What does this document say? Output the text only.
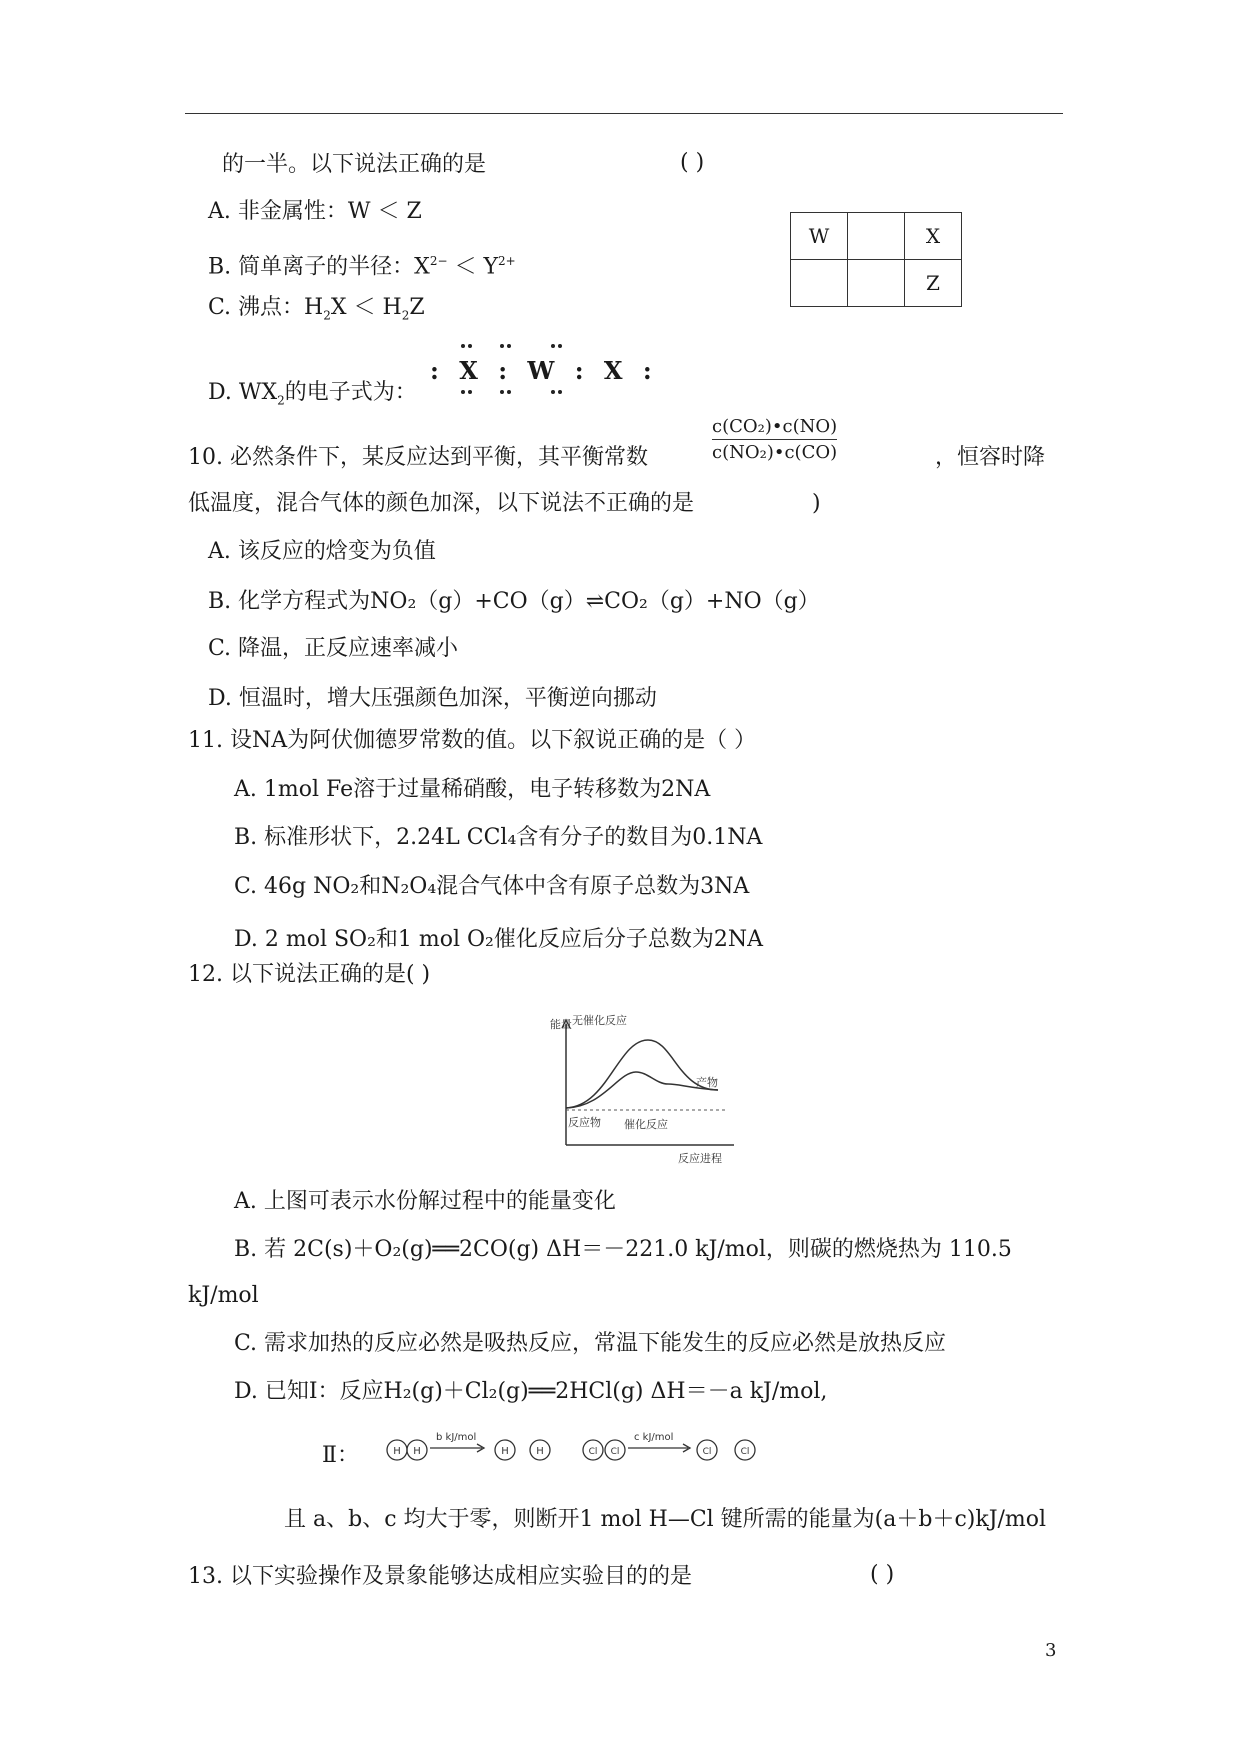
的一半。以下说法正确的是	( )
A. 非金属性：W ＜ Z
B. 简单离子的半径：$X^{2-} < Y^{2+}$
C. 沸点：$H_2X < H_2Z$
D. $WX_2$的电子式为：
: X : W : X :
W		X
		Z
10. 必然条件下，某反应达到平衡，其平衡常数
c(CO₂)•c(NO)
c(NO₂)•c(CO)	，恒容时降
低温度，混合气体的颜色加深，以下说法不正确的是	)
A. 该反应的焓变为负值
B. 化学方程式为NO₂（g）+CO（g）⇌CO₂（g）+NO（g）
C. 降温，正反应速率减小
D. 恒温时，增大压强颜色加深，平衡逆向挪动
11. 设NA为阿伏伽德罗常数的值。以下叙说正确的是（ ）
A. 1mol Fe溶于过量稀硝酸，电子转移数为2NA
B. 标准形状下，2.24L CCl₄含有分子的数目为0.1NA
C. 46g NO₂和N₂O₄混合气体中含有原子总数为3NA
D. 2 mol SO₂和1 mol O₂催化反应后分子总数为2NA
12. 以下说法正确的是( )
能量 无催化反应
产物
反应物 催化反应
反应进程
A. 上图可表示水份解过程中的能量变化
B. 若 2C(s)＋O₂(g)══2CO(g) ΔH＝－221.0 kJ/mol，则碳的燃烧热为 110.5
kJ/mol
C. 需求加热的反应必然是吸热反应，常温下能发生的反应必然是放热反应
D. 已知Ⅰ：反应H₂(g)＋Cl₂(g)══2HCl(g) ΔH＝－a kJ/mol,
Ⅱ：	H H	H	H	Cl Cl	Cl	Cl
b kJ/mol	c kJ/mol
且 a、b、c 均大于零，则断开1 mol H—Cl 键所需的能量为(a＋b＋c)kJ/mol
13. 以下实验操作及景象能够达成相应实验目的的是	( )
3
